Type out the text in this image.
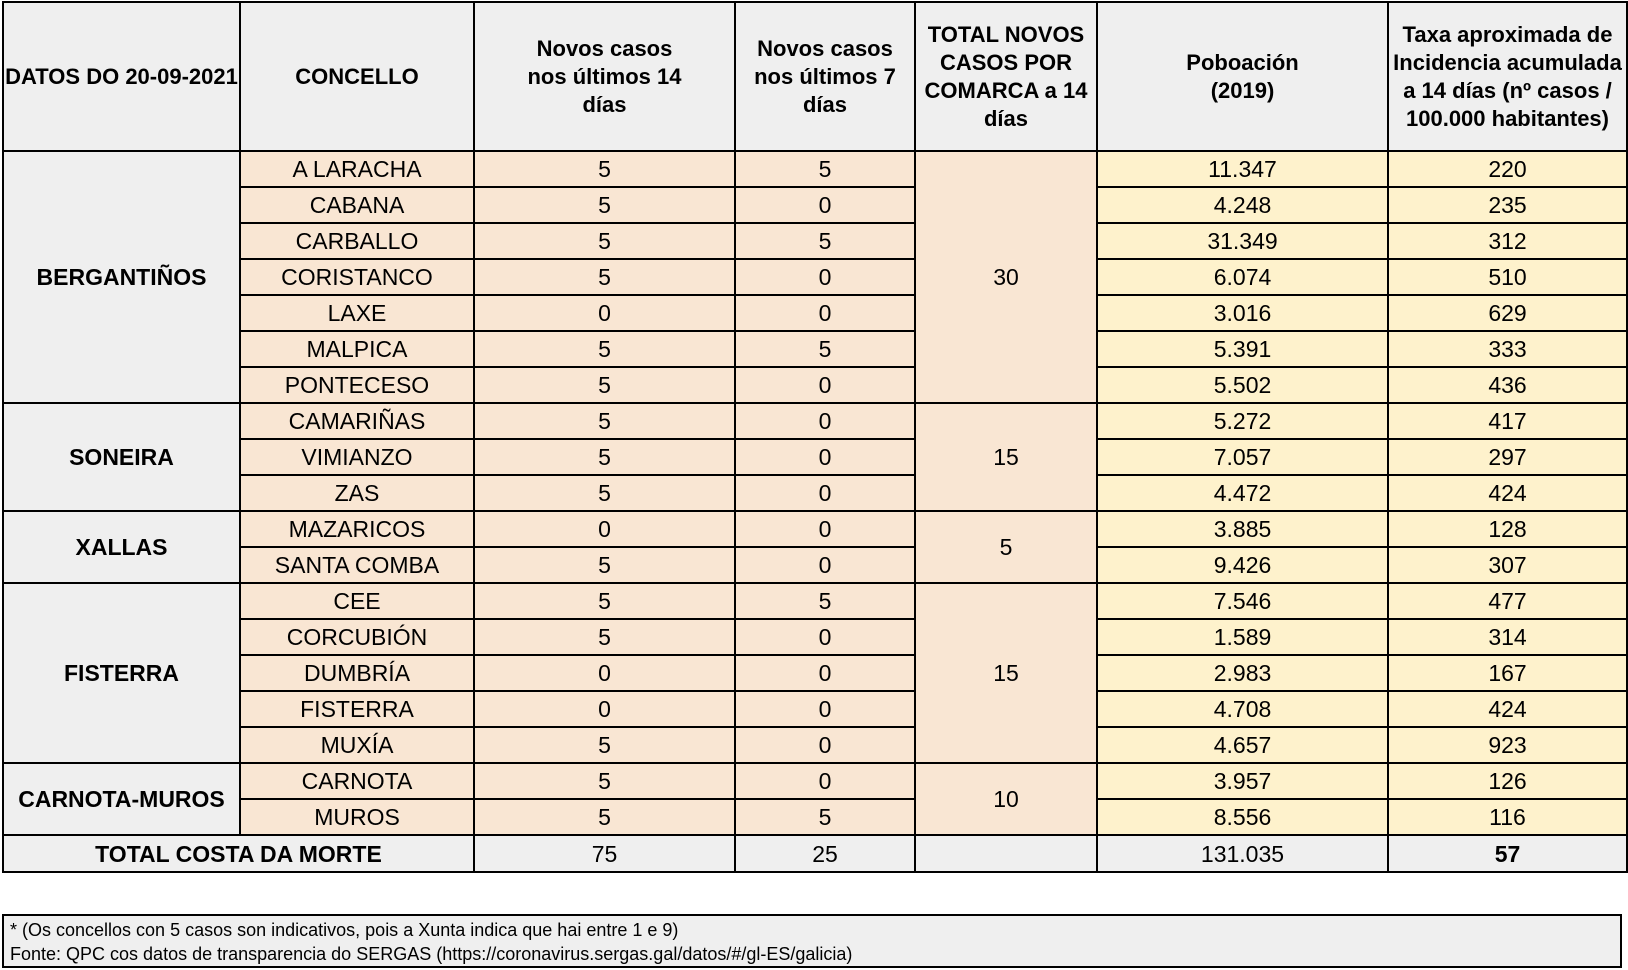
DATOS DO 20-09-2021	CONCELLO	Novos casos nos últimos 14 días	Novos casos nos últimos 7 días	TOTAL NOVOS CASOS POR COMARCA a 14 días	Poboación (2019)	Taxa aproximada de Incidencia acumulada a 14 días (nº casos / 100.000 habitantes)
BERGANTIÑOS	A LARACHA	5	5	30	11.347	220
	CABANA	5	0		4.248	235
	CARBALLO	5	5		31.349	312
	CORISTANCO	5	0		6.074	510
	LAXE	0	0		3.016	629
	MALPICA	5	5		5.391	333
	PONTECESO	5	0		5.502	436
SONEIRA	CAMARIÑAS	5	0	15	5.272	417
	VIMIANZO	5	0		7.057	297
	ZAS	5	0		4.472	424
XALLAS	MAZARICOS	0	0	5	3.885	128
	SANTA COMBA	5	0		9.426	307
FISTERRA	CEE	5	5	15	7.546	477
	CORCUBIÓN	5	0		1.589	314
	DUMBRÍA	0	0		2.983	167
	FISTERRA	0	0		4.708	424
	MUXÍA	5	0		4.657	923
CARNOTA-MUROS	CARNOTA	5	0	10	3.957	126
	MUROS	5	5		8.556	116
TOTAL COSTA DA MORTE		75	25		131.035	57
* (Os concellos con 5 casos son indicativos, pois a Xunta indica que hai entre 1 e 9)
Fonte: QPC cos datos de transparencia do SERGAS (https://coronavirus.sergas.gal/datos/#/gl-ES/galicia)
